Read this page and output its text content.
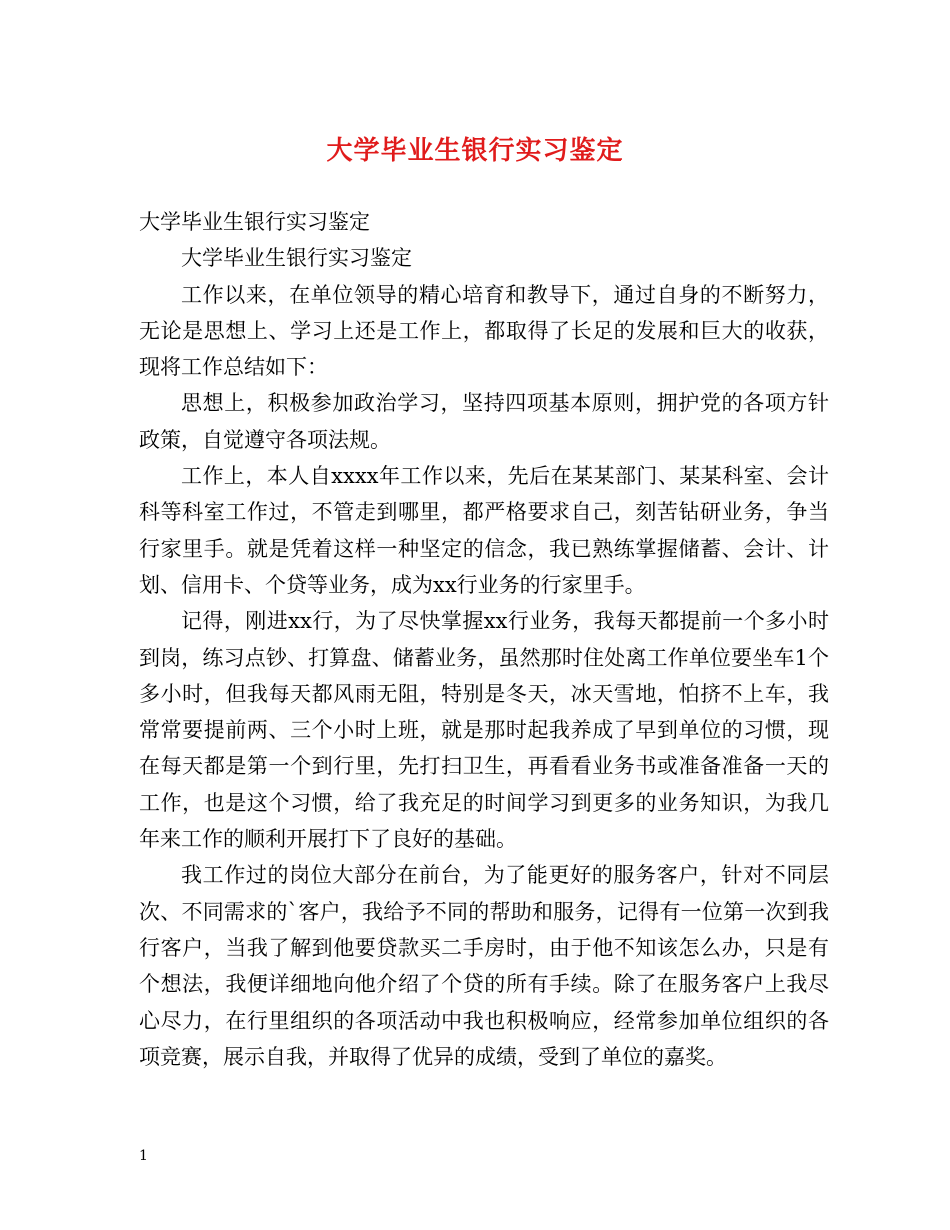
大学毕业生银行实习鉴定

大学毕业生银行实习鉴定

大学毕业生银行实习鉴定

工作以来，在单位领导的精心培育和教导下，通过自身的不断努力，无论是思想上、学习上还是工作上，都取得了长足的发展和巨大的收获，现将工作总结如下：

思想上，积极参加政治学习，坚持四项基本原则，拥护党的各项方针政策，自觉遵守各项法规。

工作上，本人自xxxx年工作以来，先后在某某部门、某某科室、会计科等科室工作过，不管走到哪里，都严格要求自己，刻苦钻研业务，争当行家里手。就是凭着这样一种坚定的信念，我已熟练掌握储蓄、会计、计划、信用卡、个贷等业务，成为xx行业务的行家里手。

记得，刚进xx行，为了尽快掌握xx行业务，我每天都提前一个多小时到岗，练习点钞、打算盘、储蓄业务，虽然那时住处离工作单位要坐车1个多小时，但我每天都风雨无阻，特别是冬天，冰天雪地，怕挤不上车，我常常要提前两、三个小时上班，就是那时起我养成了早到单位的习惯，现在每天都是第一个到行里，先打扫卫生，再看看业务书或准备准备一天的工作，也是这个习惯，给了我充足的时间学习到更多的业务知识，为我几年来工作的顺利开展打下了良好的基础。

我工作过的岗位大部分在前台，为了能更好的服务客户，针对不同层次、不同需求的`客户，我给予不同的帮助和服务，记得有一位第一次到我行客户，当我了解到他要贷款买二手房时，由于他不知该怎么办，只是有个想法，我便详细地向他介绍了个贷的所有手续。除了在服务客户上我尽心尽力，在行里组织的各项活动中我也积极响应，经常参加单位组织的各项竞赛，展示自我，并取得了优异的成绩，受到了单位的嘉奖。

1
